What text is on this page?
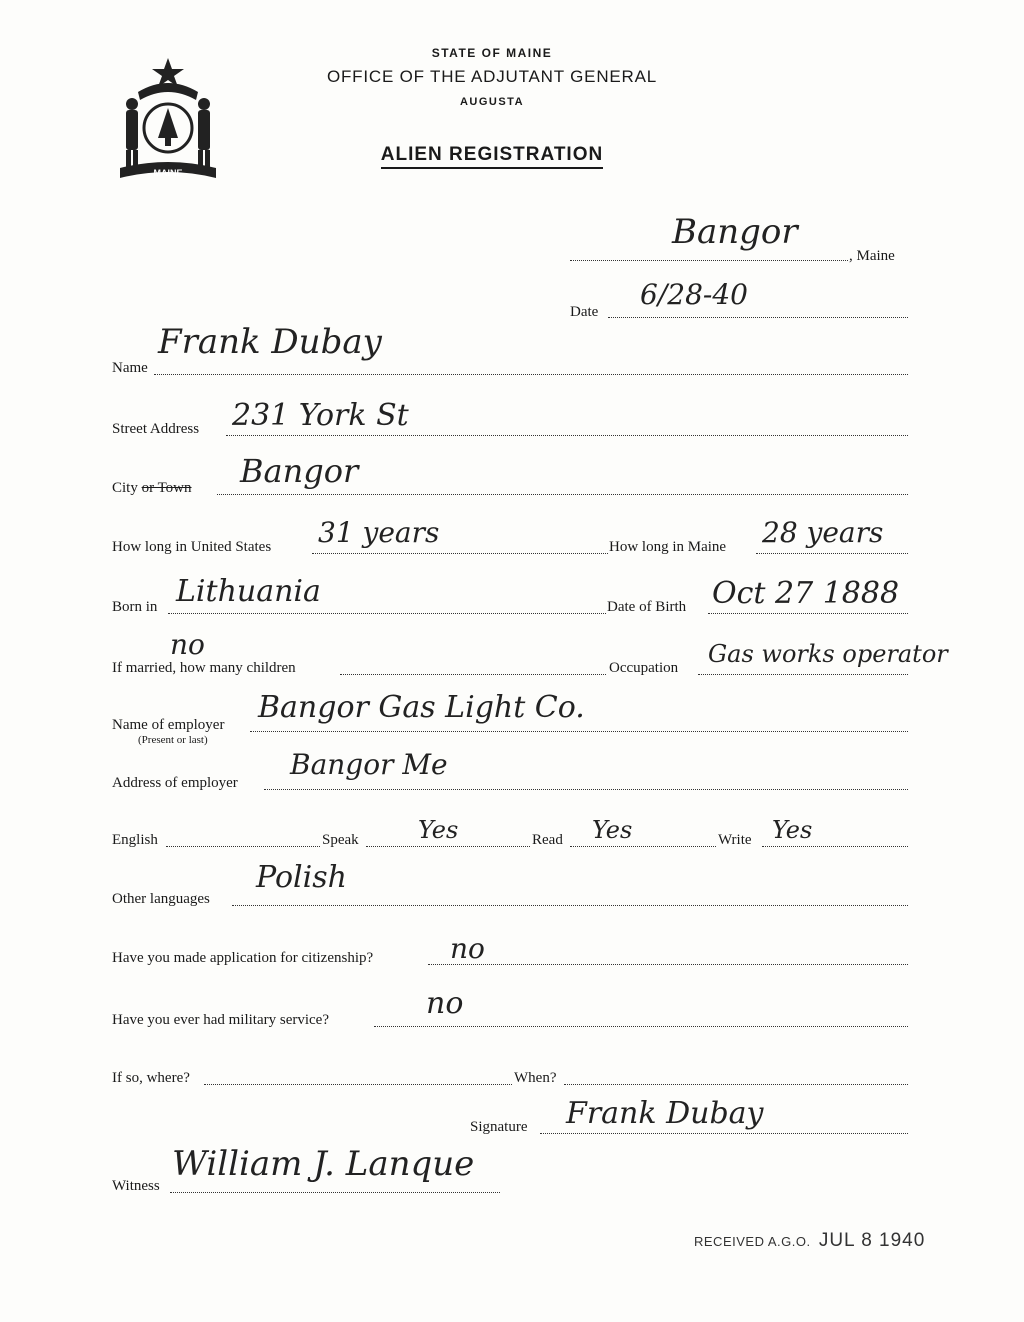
MAINE
STATE OF MAINE
OFFICE OF THE ADJUTANT GENERAL
AUGUSTA
ALIEN REGISTRATION
Bangor
, Maine
Date
6/28-40
Name
Frank Dubay
Street Address 231 York St
City or Town Bangor
How long in United States 31 years	How long in Maine 28 years
Born in Lithuania	Date of Birth Oct 27 1888
If married, how many children
no
Occupation Gas works operator
Name of employer
(Present or last)
Bangor Gas Light Co.
Address of employer
Bangor Me
English	Speak Yes	Read Yes	Write Yes
Other languages
Polish
Have you made application for citizenship?	no
Have you ever had military service?	no
If so, where?	When?
Signature Frank Dubay
Witness
William J. Lanque
RECEIVED A.G.O. JUL 8 1940
